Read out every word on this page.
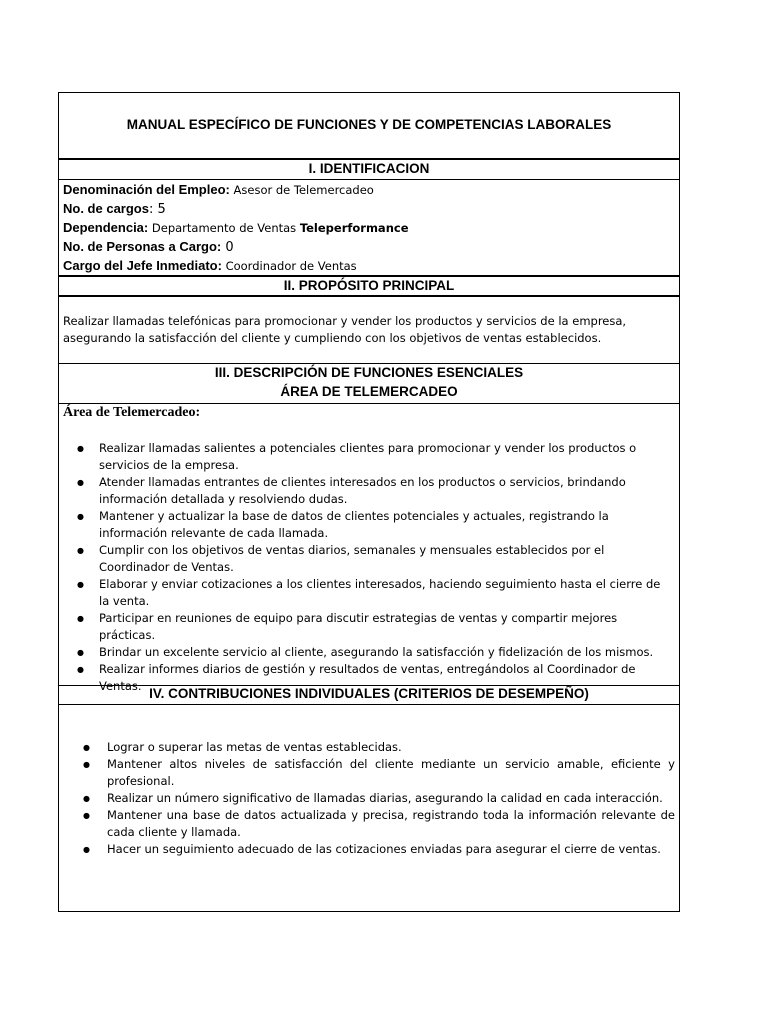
MANUAL ESPECÍFICO DE FUNCIONES Y DE COMPETENCIAS LABORALES
I. IDENTIFICACION
Denominación del Empleo: Asesor de Telemercadeo
No. de cargos: 5
Dependencia: Departamento de Ventas Teleperformance
No. de Personas a Cargo: 0
Cargo del Jefe Inmediato: Coordinador de Ventas
II. PROPÓSITO PRINCIPAL
Realizar llamadas telefónicas para promocionar y vender los productos y servicios de la empresa, asegurando la satisfacción del cliente y cumpliendo con los objetivos de ventas establecidos.
III. DESCRIPCIÓN DE FUNCIONES ESENCIALES
ÁREA DE TELEMERCADEO
Área de Telemercadeo:
● Realizar llamadas salientes a potenciales clientes para promocionar y vender los productos o servicios de la empresa.
● Atender llamadas entrantes de clientes interesados en los productos o servicios, brindando información detallada y resolviendo dudas.
● Mantener y actualizar la base de datos de clientes potenciales y actuales, registrando la información relevante de cada llamada.
● Cumplir con los objetivos de ventas diarios, semanales y mensuales establecidos por el Coordinador de Ventas.
● Elaborar y enviar cotizaciones a los clientes interesados, haciendo seguimiento hasta el cierre de la venta.
● Participar en reuniones de equipo para discutir estrategias de ventas y compartir mejores prácticas.
● Brindar un excelente servicio al cliente, asegurando la satisfacción y fidelización de los mismos.
● Realizar informes diarios de gestión y resultados de ventas, entregándolos al Coordinador de Ventas. IV. CONTRIBUCIONES INDIVIDUALES (CRITERIOS DE DESEMPEÑO)
● Lograr o superar las metas de ventas establecidas.
● Mantener altos niveles de satisfacción del cliente mediante un servicio amable, eficiente y profesional.
● Realizar un número significativo de llamadas diarias, asegurando la calidad en cada interacción.
● Mantener una base de datos actualizada y precisa, registrando toda la información relevante de cada cliente y llamada.
● Hacer un seguimiento adecuado de las cotizaciones enviadas para asegurar el cierre de ventas.
